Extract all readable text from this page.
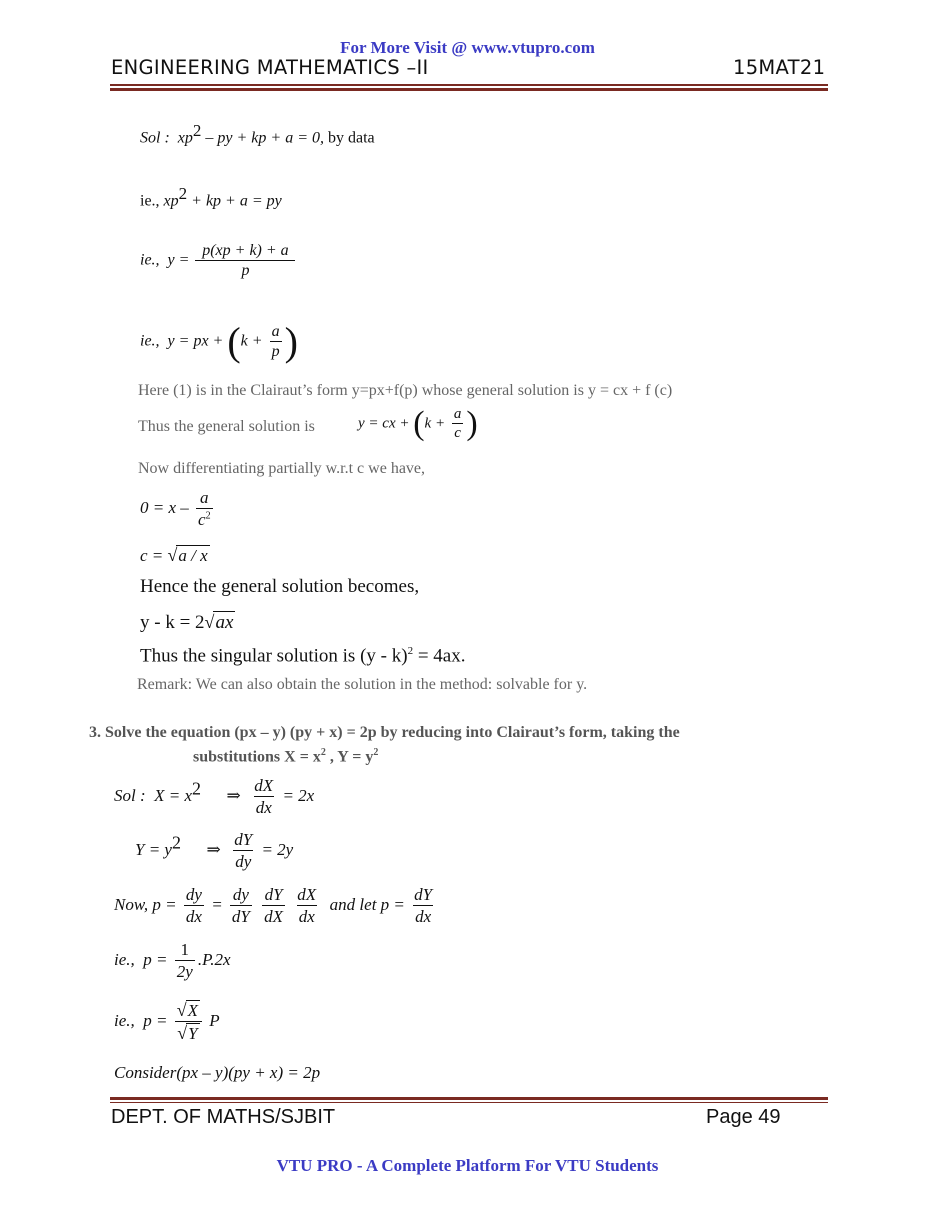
For More Visit @ www.vtupro.com
ENGINEERING MATHEMATICS –II	15MAT21
Sol :  $xp^2$ – py + kp + a = 0, by data
ie., $xp^2$ + kp + a = py
ie.,  $y = \frac{p(xp + k) + a}{p}$
ie., y = px + ($k + \frac{a}{p}$ )
Here (1) is in the Clairaut’s form y=px+f(p) whose general solution is y = cx + f (c)
Thus the general solution is	y = cx + ($k + \frac{a}{c}$ )
Now differentiating partially w.r.t c we have,
$0 = x - \frac{a}{c^2}$
c = √a / x
Hence the general solution becomes,
y - k = 2√ax
Thus the singular solution is (y - k)$^2$ = 4ax.
Remark: We can also obtain the solution in the method: solvable for y.
3. Solve the equation (px – y) (py + x) = 2p by reducing into Clairaut’s form, taking the
substitutions $X = x^2$ , $Y = y^2$
Sol : $X = x^2$ ⇒ $\frac{dX}{dx} = 2x$
$Y = y^2$ ⇒ $\frac{dY}{dy} = 2y$
Now, $p = \frac{dy}{dx} = \frac{dy}{dY}$
$\frac{dY}{dX}$
$\frac{dX}{dx}$ and let $p = \frac{dY}{dx}$
ie., $p = \frac{1}{2y} .P.2x$
ie., $p = \frac{√X}{√Y}$ P
Consider(px – y)(py + x) = 2p
DEPT. OF MATHS/SJBIT	Page 49
VTU PRO - A Complete Platform For VTU Students
